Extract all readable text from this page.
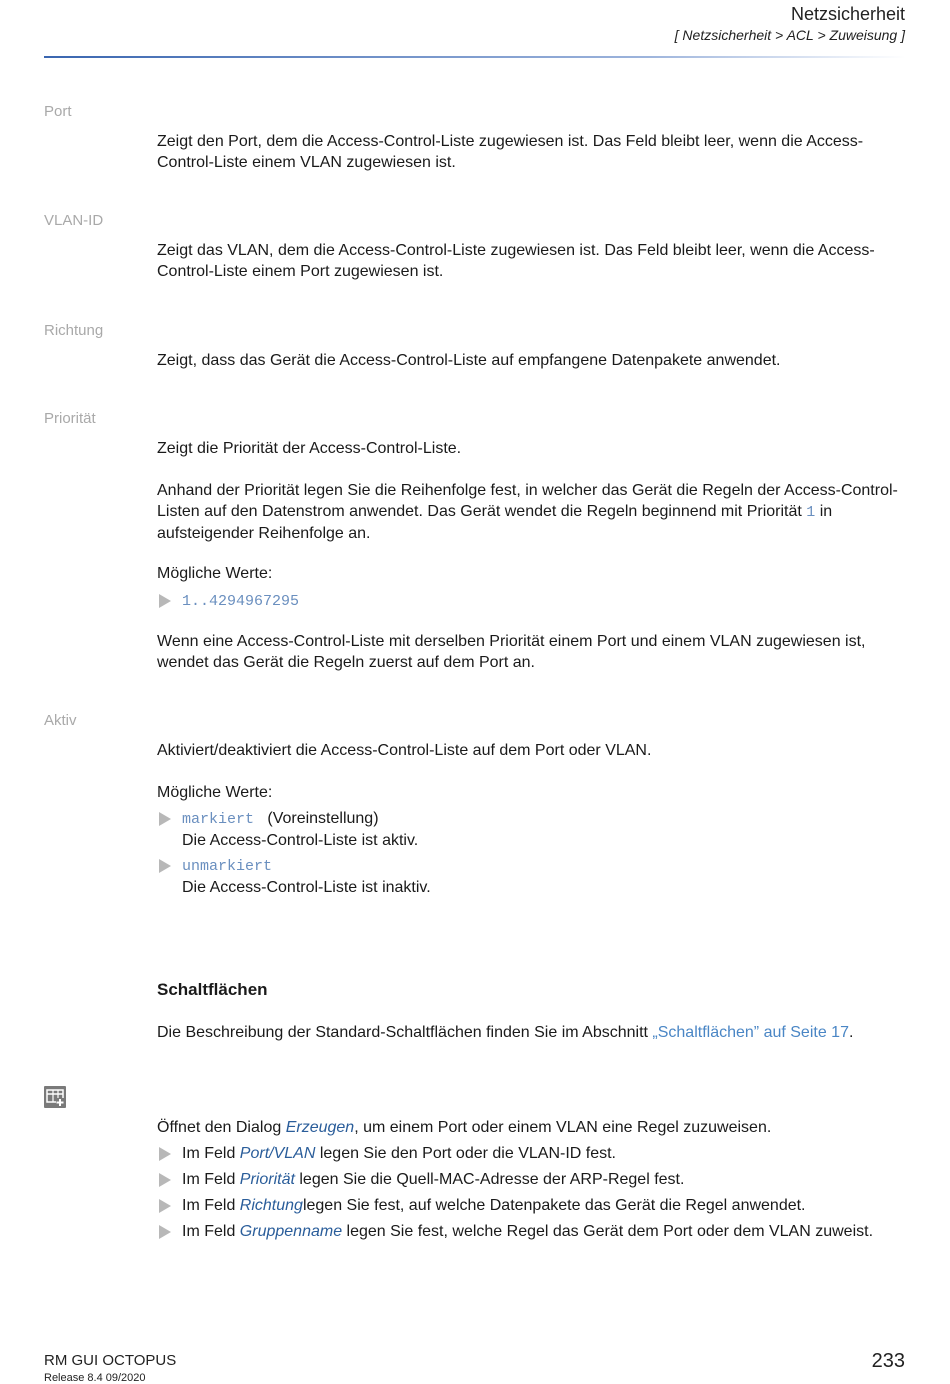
Netzsicherheit
[ Netzsicherheit > ACL > Zuweisung ]
Port
Zeigt den Port, dem die Access-Control-Liste zugewiesen ist. Das Feld bleibt leer, wenn die Access-Control-Liste einem VLAN zugewiesen ist.
VLAN-ID
Zeigt das VLAN, dem die Access-Control-Liste zugewiesen ist. Das Feld bleibt leer, wenn die Access-Control-Liste einem Port zugewiesen ist.
Richtung
Zeigt, dass das Gerät die Access-Control-Liste auf empfangene Datenpakete anwendet.
Priorität
Zeigt die Priorität der Access-Control-Liste.
Anhand der Priorität legen Sie die Reihenfolge fest, in welcher das Gerät die Regeln der Access-Control-Listen auf den Datenstrom anwendet. Das Gerät wendet die Regeln beginnend mit Priorität 1 in aufsteigender Reihenfolge an.
Mögliche Werte:
1..4294967295
Wenn eine Access-Control-Liste mit derselben Priorität einem Port und einem VLAN zugewiesen ist, wendet das Gerät die Regeln zuerst auf dem Port an.
Aktiv
Aktiviert/deaktiviert die Access-Control-Liste auf dem Port oder VLAN.
Mögliche Werte:
markiert (Voreinstellung)
Die Access-Control-Liste ist aktiv.
unmarkiert
Die Access-Control-Liste ist inaktiv.
Schaltflächen
Die Beschreibung der Standard-Schaltflächen finden Sie im Abschnitt „Schaltflächen” auf Seite 17.
Öffnet den Dialog Erzeugen, um einem Port oder einem VLAN eine Regel zuzuweisen.
Im Feld Port/VLAN legen Sie den Port oder die VLAN-ID fest.
Im Feld Priorität legen Sie die Quell-MAC-Adresse der ARP-Regel fest.
Im Feld Richtunglegen Sie fest, auf welche Datenpakete das Gerät die Regel anwendet.
Im Feld Gruppenname legen Sie fest, welche Regel das Gerät dem Port oder dem VLAN zuweist.
RM GUI OCTOPUS
Release 8.4 09/2020
233
